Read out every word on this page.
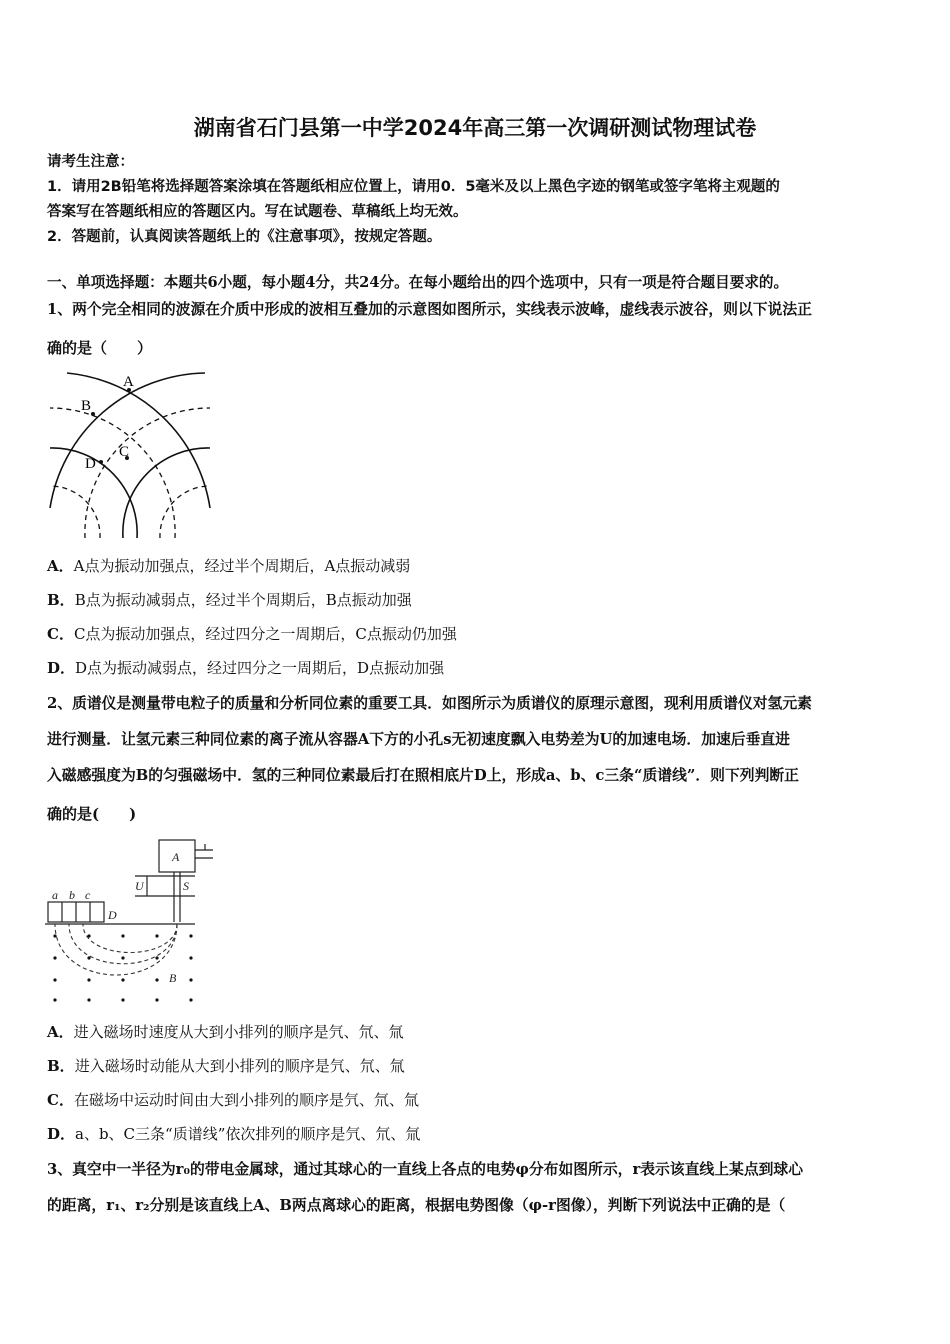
湖南省石门县第一中学2024年高三第一次调研测试物理试卷
请考生注意：
1．请用2B铅笔将选择题答案涂填在答题纸相应位置上，请用0．5毫米及以上黑色字迹的钢笔或签字笔将主观题的
答案写在答题纸相应的答题区内。写在试题卷、草稿纸上均无效。
2．答题前，认真阅读答题纸上的《注意事项》，按规定答题。
一、单项选择题：本题共6小题，每小题4分，共24分。在每小题给出的四个选项中，只有一项是符合题目要求的。
1、两个完全相同的波源在介质中形成的波相互叠加的示意图如图所示，实线表示波峰，虚线表示波谷，则以下说法正
确的是（　　）
A
B
C
D
A．A点为振动加强点，经过半个周期后，A点振动减弱
B．B点为振动减弱点，经过半个周期后，B点振动加强
C．C点为振动加强点，经过四分之一周期后，C点振动仍加强
D．D点为振动减弱点，经过四分之一周期后，D点振动加强
2、质谱仪是测量带电粒子的质量和分析同位素的重要工具．如图所示为质谱仪的原理示意图，现利用质谱仪对氢元素
进行测量．让氢元素三种同位素的离子流从容器A下方的小孔s无初速度飘入电势差为U的加速电场．加速后垂直进
入磁感强度为B的匀强磁场中．氢的三种同位素最后打在照相底片D上，形成a、b、c三条“质谱线”．则下列判断正
确的是(　　)
A
U	S
a b c
D
B
A．进入磁场时速度从大到小排列的顺序是氕、氘、氚
B．进入磁场时动能从大到小排列的顺序是氕、氘、氚
C．在磁场中运动时间由大到小排列的顺序是氕、氘、氚
D．a、b、C三条“质谱线”依次排列的顺序是氕、氘、氚
3、真空中一半径为r₀的带电金属球，通过其球心的一直线上各点的电势φ分布如图所示，r表示该直线上某点到球心
的距离，r₁、r₂分别是该直线上A、B两点离球心的距离，根据电势图像（φ-r图像），判断下列说法中正确的是（
